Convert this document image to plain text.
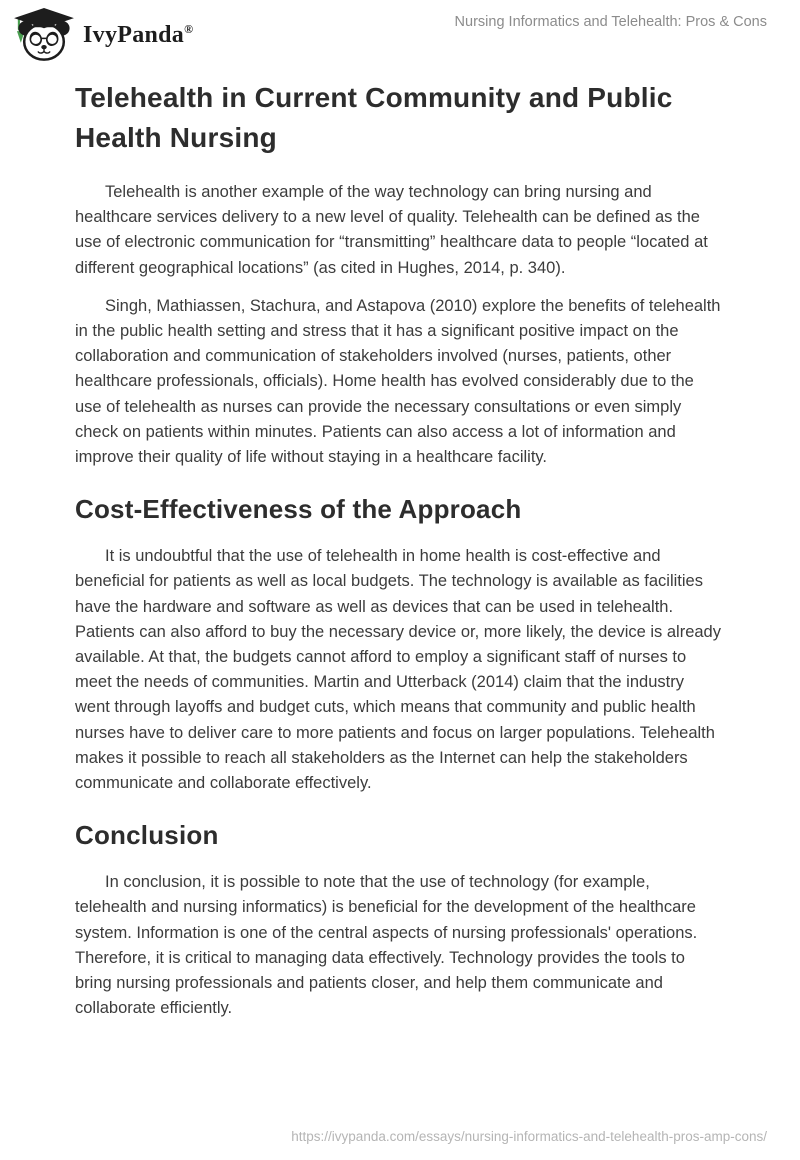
IvyPanda®	Nursing Informatics and Telehealth: Pros & Cons
Telehealth in Current Community and Public Health Nursing

Telehealth is another example of the way technology can bring nursing and healthcare services delivery to a new level of quality. Telehealth can be defined as the use of electronic communication for “transmitting” healthcare data to people “located at different geographical locations” (as cited in Hughes, 2014, p. 340).

Singh, Mathiassen, Stachura, and Astapova (2010) explore the benefits of telehealth in the public health setting and stress that it has a significant positive impact on the collaboration and communication of stakeholders involved (nurses, patients, other healthcare professionals, officials). Home health has evolved considerably due to the use of telehealth as nurses can provide the necessary consultations or even simply check on patients within minutes. Patients can also access a lot of information and improve their quality of life without staying in a healthcare facility.

Cost-Effectiveness of the Approach

It is undoubtful that the use of telehealth in home health is cost-effective and beneficial for patients as well as local budgets. The technology is available as facilities have the hardware and software as well as devices that can be used in telehealth. Patients can also afford to buy the necessary device or, more likely, the device is already available. At that, the budgets cannot afford to employ a significant staff of nurses to meet the needs of communities. Martin and Utterback (2014) claim that the industry went through layoffs and budget cuts, which means that community and public health nurses have to deliver care to more patients and focus on larger populations. Telehealth makes it possible to reach all stakeholders as the Internet can help the stakeholders communicate and collaborate effectively.

Conclusion

In conclusion, it is possible to note that the use of technology (for example, telehealth and nursing informatics) is beneficial for the development of the healthcare system. Information is one of the central aspects of nursing professionals' operations. Therefore, it is critical to managing data effectively. Technology provides the tools to bring nursing professionals and patients closer, and help them communicate and collaborate efficiently.

https://ivypanda.com/essays/nursing-informatics-and-telehealth-pros-amp-cons/
